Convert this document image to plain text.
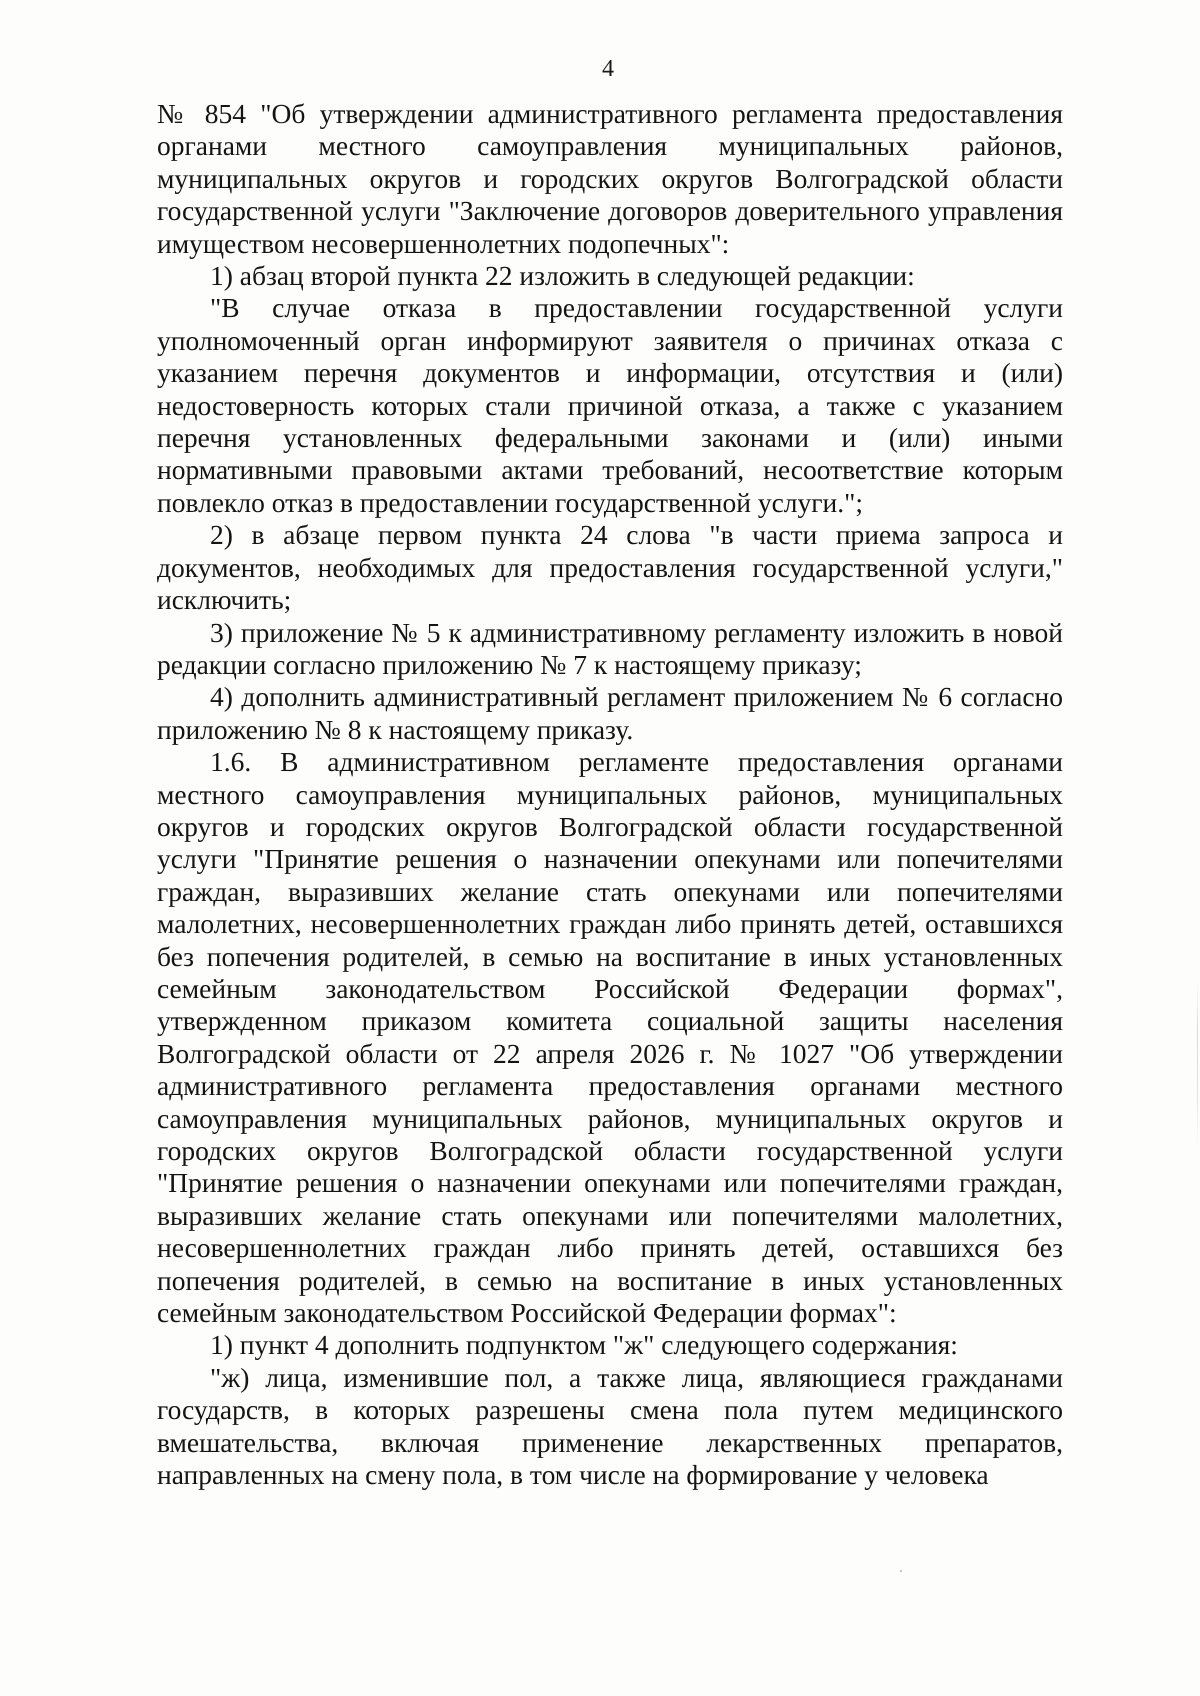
4

№ 854 "Об утверждении административного регламента предоставления органами местного самоуправления муниципальных районов, муниципальных округов и городских округов Волгоградской области государственной услуги "Заключение договоров доверительного управления имуществом несовершеннолетних подопечных":

1) абзац второй пункта 22 изложить в следующей редакции:

"В случае отказа в предоставлении государственной услуги уполномоченный орган информируют заявителя о причинах отказа с указанием перечня документов и информации, отсутствия и (или) недостоверность которых стали причиной отказа, а также с указанием перечня установленных федеральными законами и (или) иными нормативными правовыми актами требований, несоответствие которым повлекло отказ в предоставлении государственной услуги.";

2) в абзаце первом пункта 24 слова "в части приема запроса и документов, необходимых для предоставления государственной услуги," исключить;

3) приложение № 5 к административному регламенту изложить в новой редакции согласно приложению № 7 к настоящему приказу;

4) дополнить административный регламент приложением № 6 согласно приложению № 8 к настоящему приказу.

1.6. В административном регламенте предоставления органами местного самоуправления муниципальных районов, муниципальных округов и городских округов Волгоградской области государственной услуги "Принятие решения о назначении опекунами или попечителями граждан, выразивших желание стать опекунами или попечителями малолетних, несовершеннолетних граждан либо принять детей, оставшихся без попечения родителей, в семью на воспитание в иных установленных семейным законодательством Российской Федерации формах", утвержденном приказом комитета социальной защиты населения Волгоградской области от 22 апреля 2026 г. № 1027 "Об утверждении административного регламента предоставления органами местного самоуправления муниципальных районов, муниципальных округов и городских округов Волгоградской области государственной услуги "Принятие решения о назначении опекунами или попечителями граждан, выразивших желание стать опекунами или попечителями малолетних, несовершеннолетних граждан либо принять детей, оставшихся без попечения родителей, в семью на воспитание в иных установленных семейным законодательством Российской Федерации формах":

1) пункт 4 дополнить подпунктом "ж" следующего содержания:

"ж) лица, изменившие пол, а также лица, являющиеся гражданами государств, в которых разрешены смена пола путем медицинского вмешательства, включая применение лекарственных препаратов, направленных на смену пола, в том числе на формирование у человека
